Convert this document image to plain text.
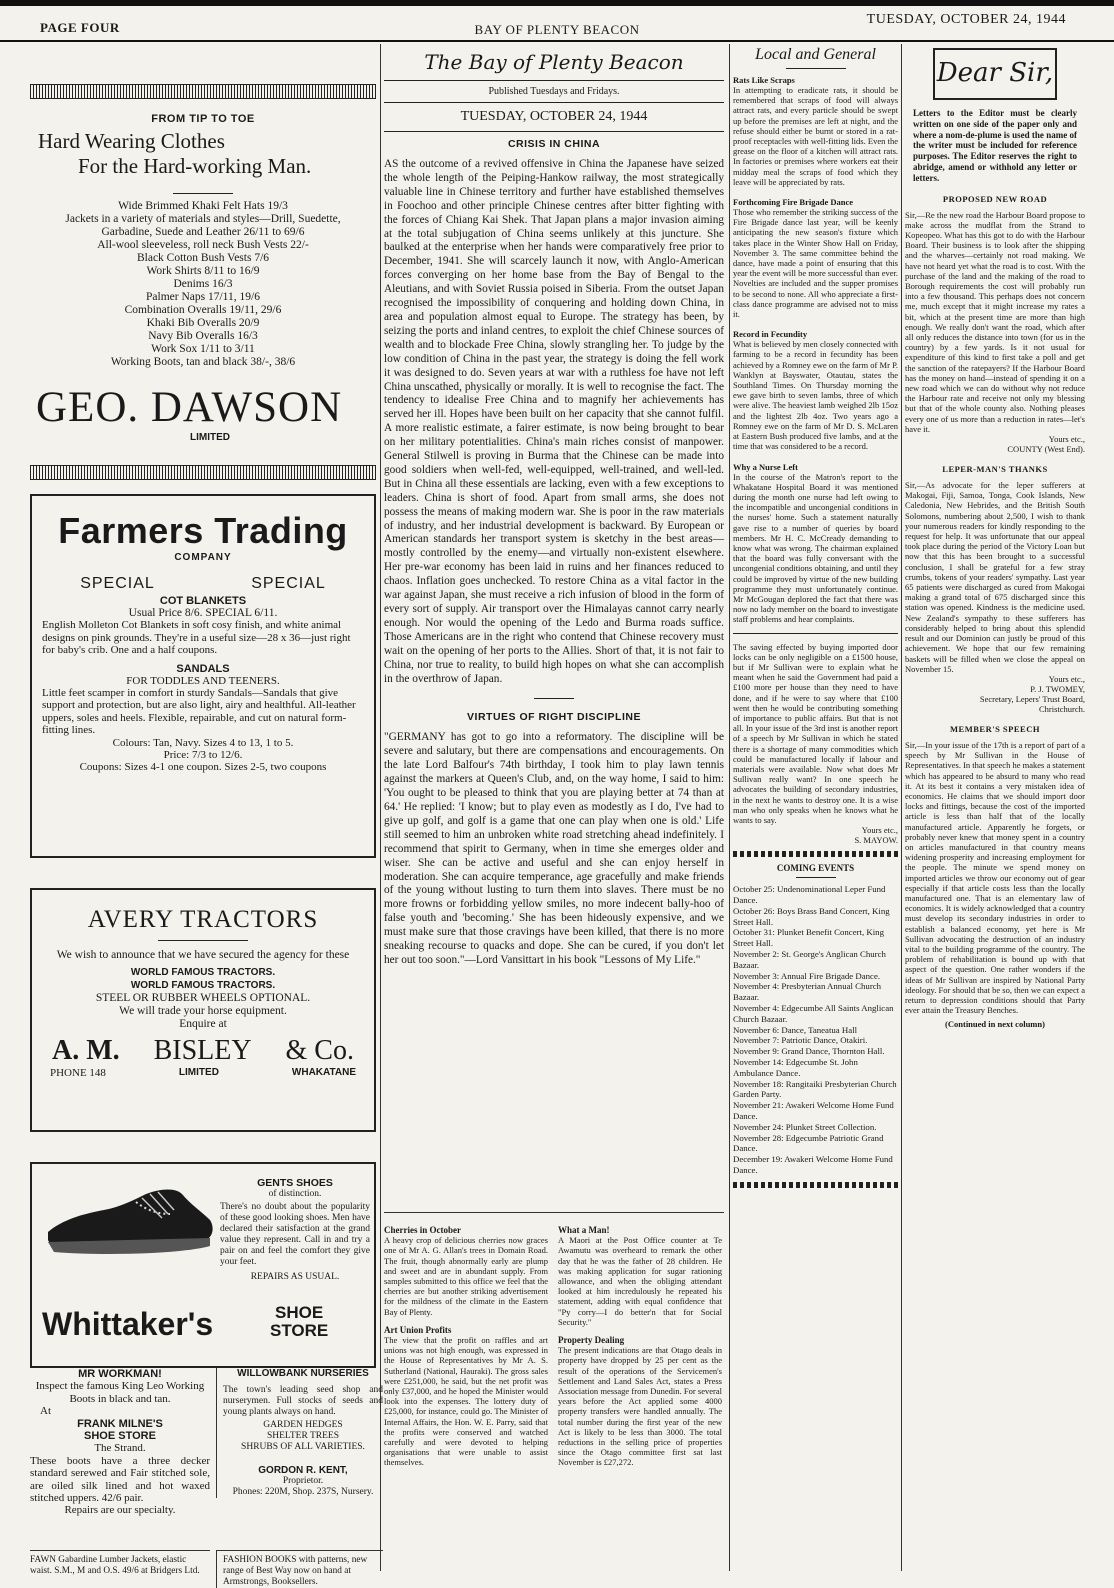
PAGE FOUR	BAY OF PLENTY BEACON
TUESDAY, OCTOBER 24, 1944
FROM TIP TO TOE
Hard Wearing Clothes
For the Hard-working Man.
Wide Brimmed Khaki Felt Hats 19/3
Jackets in a variety of materials and styles—Drill, Suedette,
Garbadine, Suede and Leather 26/11 to 69/6
All-wool sleeveless, roll neck Bush Vests 22/-
Black Cotton Bush Vests 7/6
Work Shirts 8/11 to 16/9
Denims 16/3
Palmer Naps 17/11, 19/6
Combination Overalls 19/11, 29/6
Khaki Bib Overalls 20/9
Navy Bib Overalls 16/3
Work Sox 1/11 to 3/11
Working Boots, tan and black 38/-, 38/6
GEO. DAWSON
LIMITED
Farmers Trading
COMPANY
SPECIAL	SPECIAL
COT BLANKETS
Usual Price 8/6. SPECIAL 6/11.
English Molleton Cot Blankets in soft cosy finish, and white animal designs on pink grounds. They're in a useful size—28 x 36—just right for baby's crib. One and a half coupons.
SANDALS
FOR TODDLES AND TEENERS.
Little feet scamper in comfort in sturdy Sandals—Sandals that give support and protection, but are also light, airy and healthful. All-leather uppers, soles and heels. Flexible, repairable, and cut on natural form-fitting lines.
Colours: Tan, Navy. Sizes 4 to 13, 1 to 5.
Price: 7/3 to 12/6.
Coupons: Sizes 4-1 one coupon. Sizes 2-5, two coupons
AVERY TRACTORS
We wish to announce that we have secured the agency for these
WORLD FAMOUS TRACTORS.
WORLD FAMOUS TRACTORS.
STEEL OR RUBBER WHEELS OPTIONAL.
We will trade your horse equipment.
Enquire at
A. M. BISLEY & Co.
PHONE 148	LIMITED	WHAKATANE
GENTS SHOES
of distinction.
There's no doubt about the popularity of these good looking shoes. Men have declared their satisfaction at the grand value they represent. Call in and try a pair on and feel the comfort they give your feet.
REPAIRS AS USUAL.
Whittaker's	SHOE
STORE
MR WORKMAN!
Inspect the famous King Leo Working Boots in black and tan.
At
FRANK MILNE'S
SHOE STORE
The Strand.
These boots have a three decker standard serewed and Fair stitched sole, are oiled silk lined and hot waxed stitched uppers. 42/6 pair.
Repairs are our specialty.
WILLOWBANK NURSERIES
The town's leading seed shop and nurserymen. Full stocks of seeds and young plants always on hand.
GARDEN HEDGES
SHELTER TREES
SHRUBS OF ALL VARIETIES.
GORDON R. KENT,
Proprietor.
Phones: 220M, Shop. 237S, Nursery.
FAWN Gabardine Lumber Jackets, elastic waist. S.M., M and O.S. 49/6 at Bridgers Ltd.
FASHION BOOKS with patterns, new range of Best Way now on hand at Armstrongs, Booksellers.
The Bay of Plenty Beacon
Published Tuesdays and Fridays.
TUESDAY, OCTOBER 24, 1944
CRISIS IN CHINA
AS the outcome of a revived offensive in China the Japanese have seized the whole length of the Peiping-Hankow railway, the most strategically valuable line in Chinese territory and further have established themselves in Foochoo and other principle Chinese centres after bitter fighting with the forces of Chiang Kai Shek. That Japan plans a major invasion aiming at the total subjugation of China seems unlikely at this juncture. She baulked at the enterprise when her hands were comparatively free prior to December, 1941. She will scarcely launch it now, with Anglo-American forces converging on her home base from the Bay of Bengal to the Aleutians, and with Soviet Russia poised in Siberia. From the outset Japan recognised the impossibility of conquering and holding down China, in area and population almost equal to Europe. The strategy has been, by seizing the ports and inland centres, to exploit the chief Chinese sources of wealth and to blockade Free China, slowly strangling her. To judge by the low condition of China in the past year, the strategy is doing the fell work it was designed to do. Seven years at war with a ruthless foe have not left China unscathed, physically or morally. It is well to recognise the fact. The tendency to idealise Free China and to magnify her achievements has served her ill. Hopes have been built on her capacity that she cannot fulfil. A more realistic estimate, a fairer estimate, is now being brought to bear on her military potentialities. China's main riches consist of manpower. General Stilwell is proving in Burma that the Chinese can be made into good soldiers when well-fed, well-equipped, well-trained, and well-led. But in China all these essentials are lacking, even with a few exceptions to leaders. China is short of food. Apart from small arms, she does not possess the means of making modern war. She is poor in the raw materials of industry, and her industrial development is backward. By European or American standards her transport system is sketchy in the best areas—mostly controlled by the enemy—and virtually non-existent elsewhere. Her pre-war economy has been laid in ruins and her finances reduced to chaos. Inflation goes unchecked. To restore China as a vital factor in the war against Japan, she must receive a rich infusion of blood in the form of every sort of supply. Air transport over the Himalayas cannot carry nearly enough. Nor would the opening of the Ledo and Burma roads suffice. Those Americans are in the right who contend that Chinese recovery must wait on the opening of her ports to the Allies. Short of that, it is not fair to China, nor true to reality, to build high hopes on what she can accomplish in the overthrow of Japan.
VIRTUES OF RIGHT DISCIPLINE
"GERMANY has got to go into a reformatory. The discipline will be severe and salutary, but there are compensations and encouragements. On the late Lord Balfour's 74th birthday, I took him to play lawn tennis against the markers at Queen's Club, and, on the way home, I said to him: 'You ought to be pleased to think that you are playing better at 74 than at 64.' He replied: 'I know; but to play even as modestly as I do, I've had to give up golf, and golf is a game that one can play when one is old.' Life still seemed to him an unbroken white road stretching ahead indefinitely. I recommend that spirit to Germany, when in time she emerges older and wiser. She can be active and useful and she can enjoy herself in moderation. She can acquire temperance, age gracefully and make friends of the young without lusting to turn them into slaves. There must be no more frowns or forbidding yellow smiles, no more indecent bally-hoo of false youth and 'becoming.' She has been hideously expensive, and we must make sure that those cravings have been killed, that there is no more sneaking recourse to quacks and dope. She can be cured, if you don't let her out too soon."—Lord Vansittart in his book "Lessons of My Life."
Cherries in October
A heavy crop of delicious cherries now graces one of Mr A. G. Allan's trees in Domain Road. The fruit, though abnormally early are plump and sweet and are in abundant supply. From samples submitted to this office we feel that the cherries are but another striking advertisement for the mildness of the climate in the Eastern Bay of Plenty.
Art Union Profits
The view that the profit on raffles and art unions was not high enough, was expressed in the House of Representatives by Mr A. S. Sutherland (National, Hauraki). The gross sales were £251,000, he said, but the net profit was only £37,000, and he hoped the Minister would look into the expenses. The lottery duty of £25,000, for instance, could go. The Minister of Internal Affairs, the Hon. W. E. Parry, said that the profits were conserved and watched carefully and were devoted to helping organisations that were unable to assist themselves.
What a Man!
A Maori at the Post Office counter at Te Awamutu was overheard to remark the other day that he was the father of 28 children. He was making application for sugar rationing allowance, and when the obliging attendant looked at him incredulously he repeated his statement, adding with equal confidence that "Py corry—I do better'n that for Social Security."
Property Dealing
The present indications are that Otago deals in property have dropped by 25 per cent as the result of the operations of the Servicemen's Settlement and Land Sales Act, states a Press Association message from Dunedin. For several years before the Act applied some 4000 property transfers were handled annually. The total number during the first year of the new Act is likely to be less than 3000. The total reductions in the selling price of properties since the Otago committee first sat last November is £27,272.
Local and General
Rats Like Scraps
In attempting to eradicate rats, it should be remembered that scraps of food will always attract rats, and every particle should be swept up before the premises are left at night, and the refuse should either be burnt or stored in a rat-proof receptacles with well-fitting lids. Even the grease on the floor of a kitchen will attract rats. In factories or premises where workers eat their midday meal the scraps of food which they leave will be appreciated by rats.
Forthcoming Fire Brigade Dance
Those who remember the striking success of the Fire Brigade dance last year, will be keenly anticipating the new season's fixture which takes place in the Winter Show Hall on Friday, November 3. The same committee behind the dance, have made a point of ensuring that this year the event will be more successful than ever. Novelties are included and the supper promises to be second to none. All who appreciate a first-class dance programme are advised not to miss it.
Record in Fecundity
What is believed by men closely connected with farming to be a record in fecundity has been achieved by a Romney ewe on the farm of Mr P. Wanklyn at Bayswater, Otautau, states the Southland Times. On Thursday morning the ewe gave birth to seven lambs, three of which were alive. The heaviest lamb weighed 2lb 15oz and the lightest 2lb 4oz. Two years ago a Romney ewe on the farm of Mr D. S. McLaren at Eastern Bush produced five lambs, and at the time that was considered to be a record.
Why a Nurse Left
In the course of the Matron's report to the Whakatane Hospital Board it was mentioned during the month one nurse had left owing to the incompatible and uncongenial conditions in the nurses' home. Such a statement naturally gave rise to a number of queries by board members. Mr H. C. McCready demanding to know what was wrong. The chairman explained that the board was fully conversant with the uncongenial conditions obtaining, and until they could be improved by virtue of the new building programme they must unfortunately continue. Mr McGougan deplored the fact that there was now no lady member on the board to investigate staff problems and hear complaints.
The saving effected by buying imported door locks can be only negligible on a £1500 house, but if Mr Sullivan were to explain what he meant when he said the Government had paid a £100 more per house than they need to have done, and if he were to say where that £100 went then he would be contributing something of importance to public affairs. But that is not all. In your issue of the 3rd inst is another report of a speech by Mr Sullivan in which he stated there is a shortage of many commodities which could be manufactured locally if labour and materials were available. Now what does Mr Sullivan really want? In one speech he advocates the building of secondary industries, in the next he wants to destroy one. It is a wise man who only speaks when he knows what he wants to say.
Yours etc.,
S. MAYOW.
COMING EVENTS
October 25: Undenominational Leper Fund Dance.
October 26: Boys Brass Band Concert, King Street Hall.
October 31: Plunket Benefit Concert, King Street Hall.
November 2: St. George's Anglican Church Bazaar.
November 3: Annual Fire Brigade Dance.
November 4: Presbyterian Annual Church Bazaar.
November 4: Edgecumbe All Saints Anglican Church Bazaar.
November 6: Dance, Taneatua Hall
November 7: Patriotic Dance, Otakiri.
November 9: Grand Dance, Thornton Hall.
November 14: Edgecumbe St. John Ambulance Dance.
November 18: Rangitaiki Presbyterian Church Garden Party.
November 21: Awakeri Welcome Home Fund Dance.
November 24: Plunket Street Collection.
November 28: Edgecumbe Patriotic Grand Dance.
December 19: Awakeri Welcome Home Fund Dance.
Dear Sir,
Letters to the Editor must be clearly written on one side of the paper only and where a nom-de-plume is used the name of the writer must be included for reference purposes. The Editor reserves the right to abridge, amend or withhold any letter or letters.
PROPOSED NEW ROAD
Sir,—Re the new road the Harbour Board propose to make across the mudflat from the Strand to Kopeopeo. What has this got to do with the Harbour Board. Their business is to look after the shipping and the wharves—certainly not road making. We have not heard yet what the road is to cost. With the purchase of the land and the making of the road to Borough requirements the cost will probably run into a few thousand. This perhaps does not concern me, much except that it might increase my rates a bit, which at the present time are more than high enough. We really don't want the road, which after all only reduces the distance into town (for us in the country) by a few yards. Is it not usual for expenditure of this kind to first take a poll and get the sanction of the ratepayers? If the Harbour Board has the money on hand—instead of spending it on a new road which we can do without why not reduce the Harbour rate and receive not only my blessing but that of the whole county also. Nothing pleases every one of us more than a reduction in rates—let's have it.
Yours etc.,
COUNTY (West End).
LEPER-MAN'S THANKS
Sir,—As advocate for the leper sufferers at Makogai, Fiji, Samoa, Tonga, Cook Islands, New Caledonia, New Hebrides, and the British South Solomons, numbering about 2,500, I wish to thank your numerous readers for kindly responding to the request for help. It was unfortunate that our appeal took place during the period of the Victory Loan but now that this has been brought to a successful conclusion, I shall be grateful for a few stray crumbs, tokens of your readers' sympathy. Last year 65 patients were discharged as cured from Makogai making a grand total of 675 discharged since this station was opened. Kindness is the medicine used. New Zealand's sympathy to these sufferers has considerably helped to bring about this splendid result and our Dominion can justly be proud of this achievement. We hope that our few remaining baskets will be filled when we close the appeal on November 15.
Yours etc.,
P. J. TWOMEY,
Secretary, Lepers' Trust Board,
Christchurch.
MEMBER'S SPEECH
Sir,—In your issue of the 17th is a report of part of a speech by Mr Sullivan in the House of Representatives. In that speech he makes a statement which has appeared to be absurd to many who read it. At its best it contains a very mistaken idea of economics. He claims that we should import door locks and fittings, because the cost of the imported article is less than half that of the locally manufactured article. Apparently he forgets, or probably never knew that money spent in a country on articles manufactured in that country means widening prosperity and increasing employment for the people. The minute we spend money on imported articles we throw our economy out of gear especially if that article costs less than the locally manufactured one. That is an elementary law of economics. It is widely acknowledged that a country must develop its secondary industries in order to establish a balanced economy, yet here is Mr Sullivan advocating the destruction of an industry vital to the building programme of the country. The problem of rehabilitation is bound up with that aspect of the question. One rather wonders if the ideas of Mr Sullivan are inspired by National Party ideology. For should that be so, then we can expect a return to depression conditions should that Party ever attain the Treasury Benches.
(Continued in next column)
